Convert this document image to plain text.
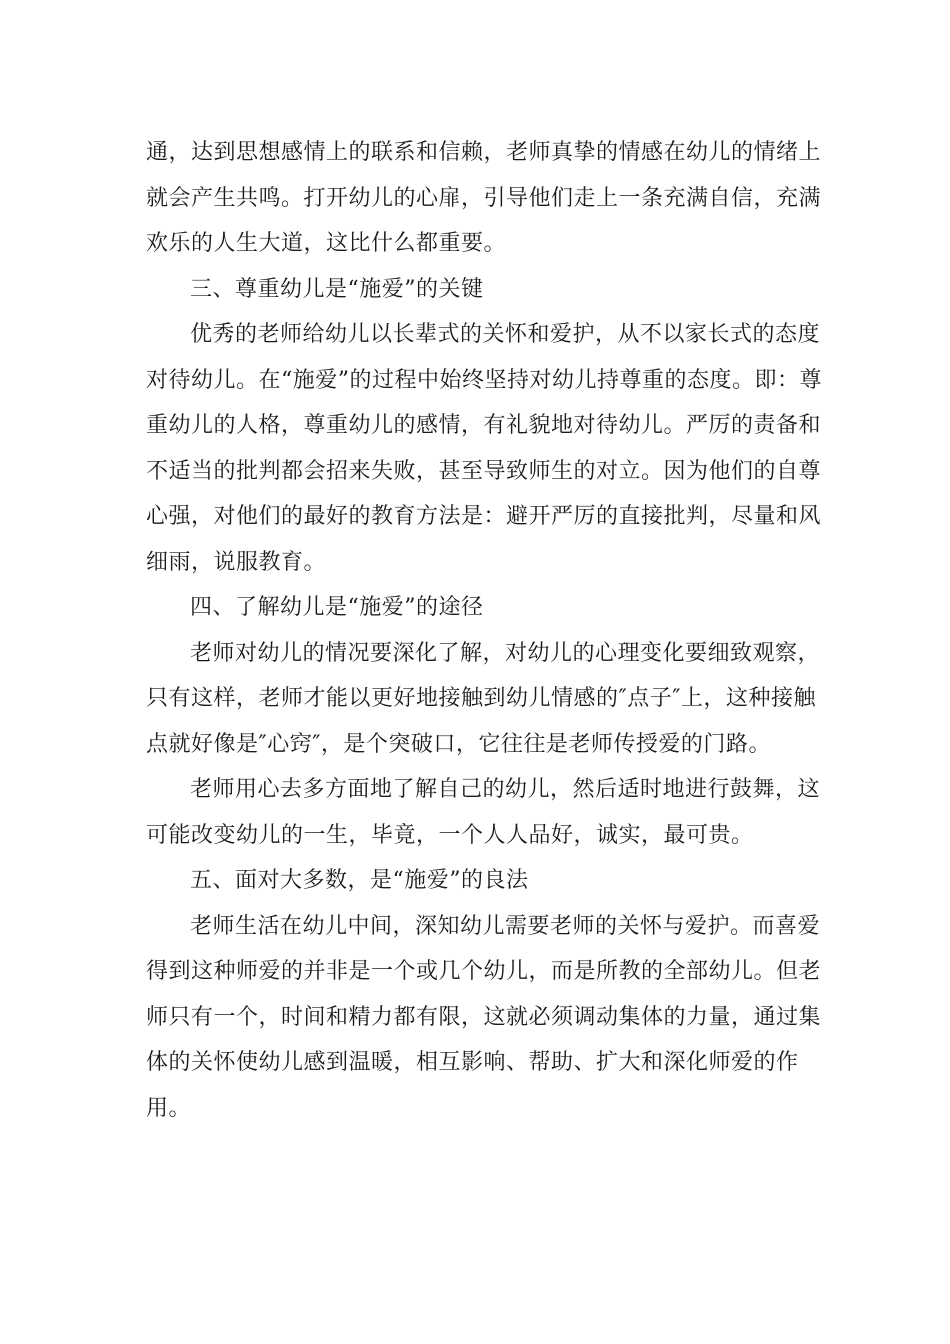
通，达到思想感情上的联系和信赖，老师真挚的情感在幼儿的情绪上就会产生共鸣。打开幼儿的心扉，引导他们走上一条充满自信，充满欢乐的人生大道，这比什么都重要。

三、尊重幼儿是“施爱”的关键

优秀的老师给幼儿以长辈式的关怀和爱护，从不以家长式的态度对待幼儿。在“施爱”的过程中始终坚持对幼儿持尊重的态度。即：尊重幼儿的人格，尊重幼儿的感情，有礼貌地对待幼儿。严厉的责备和不适当的批判都会招来失败，甚至导致师生的对立。因为他们的自尊心强，对他们的最好的教育方法是：避开严厉的直接批判，尽量和风细雨，说服教育。

四、了解幼儿是“施爱”的途径

老师对幼儿的情况要深化了解，对幼儿的心理变化要细致观察，只有这样，老师才能以更好地接触到幼儿情感的″点子″上，这种接触点就好像是″心窍″，是个突破口，它往往是老师传授爱的门路。

老师用心去多方面地了解自己的幼儿，然后适时地进行鼓舞，这可能改变幼儿的一生，毕竟，一个人人品好，诚实，最可贵。

五、面对大多数，是“施爱”的良法

老师生活在幼儿中间，深知幼儿需要老师的关怀与爱护。而喜爱得到这种师爱的并非是一个或几个幼儿，而是所教的全部幼儿。但老师只有一个，时间和精力都有限，这就必须调动集体的力量，通过集体的关怀使幼儿感到温暖，相互影响、帮助、扩大和深化师爱的作用。
